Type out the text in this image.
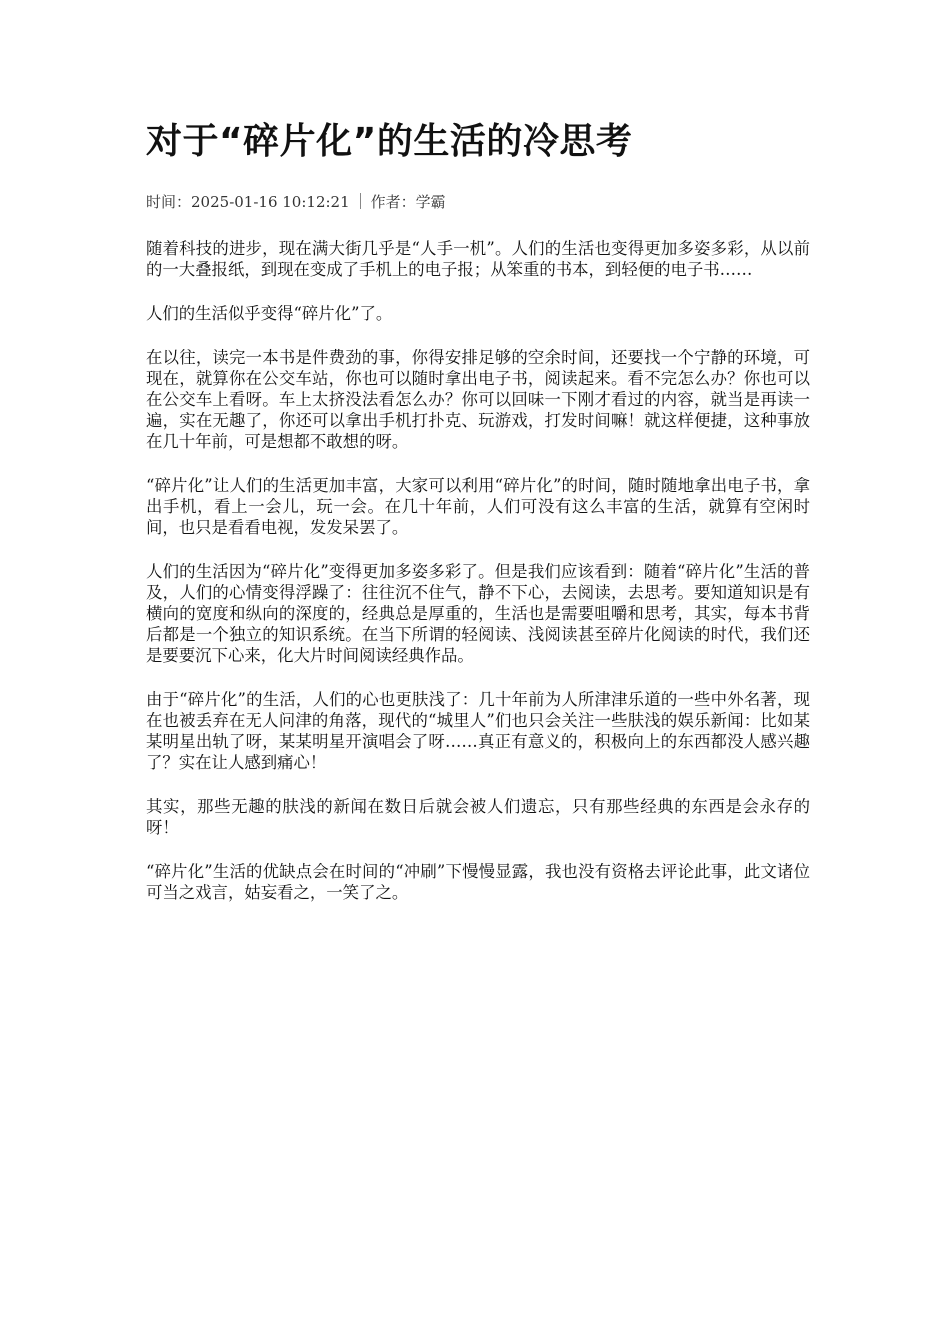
对于“碎片化”的生活的冷思考
时间：2025-01-16 10:12:21 作者：学霸

随着科技的进步，现在满大街几乎是“人手一机”。人们的生活也变得更加多姿多彩，从以前的一大叠报纸，到现在变成了手机上的电子报；从笨重的书本，到轻便的电子书……

人们的生活似乎变得“碎片化”了。

在以往，读完一本书是件费劲的事，你得安排足够的空余时间，还要找一个宁静的环境，可现在，就算你在公交车站，你也可以随时拿出电子书，阅读起来。看不完怎么办？你也可以在公交车上看呀。车上太挤没法看怎么办？你可以回味一下刚才看过的内容，就当是再读一遍，实在无趣了，你还可以拿出手机打扑克、玩游戏，打发时间嘛！就这样便捷，这种事放在几十年前，可是想都不敢想的呀。

“碎片化”让人们的生活更加丰富，大家可以利用“碎片化”的时间，随时随地拿出电子书，拿出手机，看上一会儿，玩一会。在几十年前，人们可没有这么丰富的生活，就算有空闲时间，也只是看看电视，发发呆罢了。

人们的生活因为“碎片化”变得更加多姿多彩了。但是我们应该看到：随着“碎片化”生活的普及，人们的心情变得浮躁了：往往沉不住气，静不下心，去阅读，去思考。要知道知识是有横向的宽度和纵向的深度的，经典总是厚重的，生活也是需要咀嚼和思考，其实，每本书背后都是一个独立的知识系统。在当下所谓的轻阅读、浅阅读甚至碎片化阅读的时代，我们还是要要沉下心来，化大片时间阅读经典作品。

由于“碎片化”的生活，人们的心也更肤浅了：几十年前为人所津津乐道的一些中外名著，现在也被丢弃在无人问津的角落，现代的“城里人”们也只会关注一些肤浅的娱乐新闻：比如某某明星出轨了呀，某某明星开演唱会了呀……真正有意义的，积极向上的东西都没人感兴趣了？实在让人感到痛心！

其实，那些无趣的肤浅的新闻在数日后就会被人们遗忘，只有那些经典的东西是会永存的呀！

“碎片化”生活的优缺点会在时间的“冲刷”下慢慢显露，我也没有资格去评论此事，此文诸位可当之戏言，姑妄看之，一笑了之。
